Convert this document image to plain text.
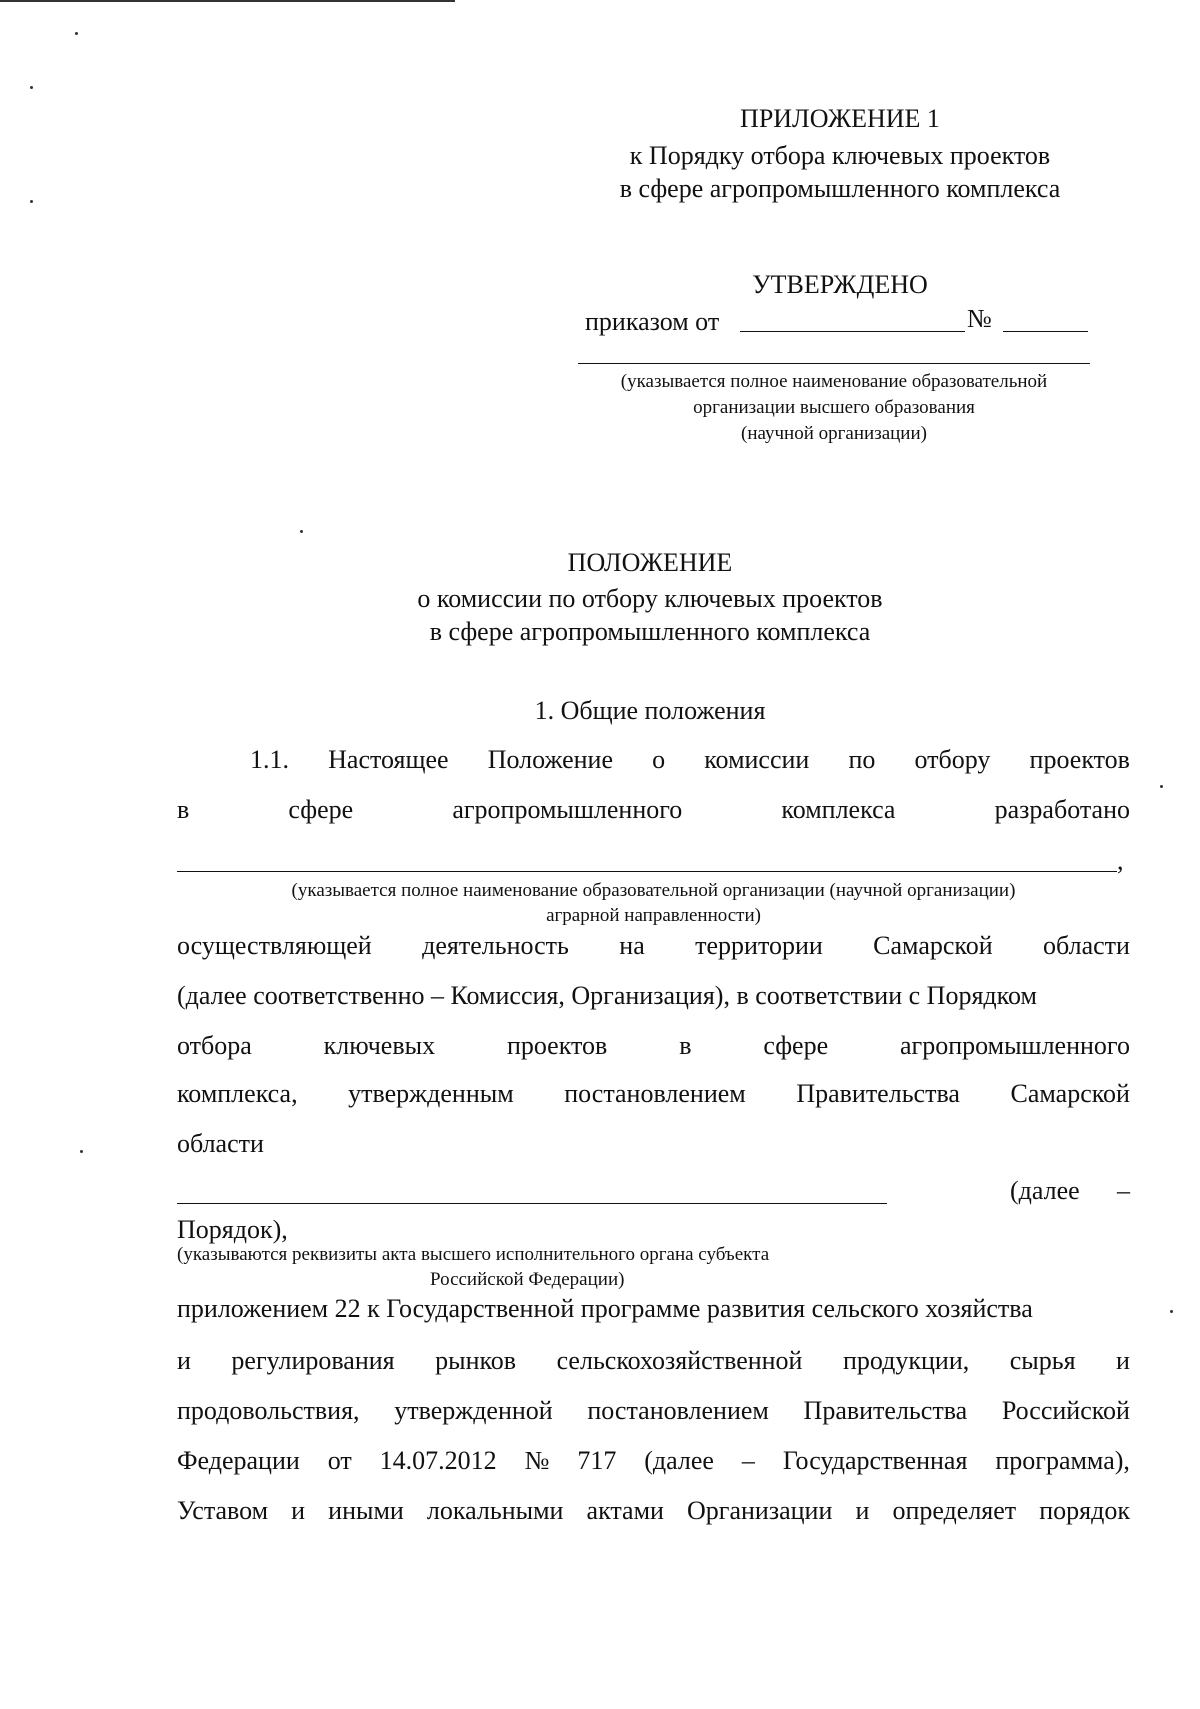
ПРИЛОЖЕНИЕ 1
к Порядку отбора ключевых проектов
в сфере агропромышленного комплекса
УТВЕРЖДЕНО
приказом от	№
(указывается полное наименование образовательной
организации высшего образования
(научной организации)
ПОЛОЖЕНИЕ
о комиссии по отбору ключевых проектов
в сфере агропромышленного комплекса
1. Общие положения
1.1. Настоящее Положение о комиссии по отбору проектов
в	сфере	агропромышленного	комплекса	разработано
,
(указывается полное наименование образовательной организации (научной организации)
аграрной направленности)
осуществляющей деятельность на территории Самарской области
(далее соответственно – Комиссия, Организация), в соответствии с Порядком
отбора	ключевых	проектов	в	сфере	агропромышленного
комплекса, утвержденным постановлением Правительства Самарской
области
(далее –
Порядок),
(указываются реквизиты акта высшего исполнительного органа субъекта
Российской Федерации)
приложением 22 к Государственной программе развития сельского хозяйства
и регулирования рынков сельскохозяйственной продукции, сырья и
продовольствия, утвержденной постановлением Правительства Российской
Федерации от 14.07.2012 № 717 (далее – Государственная программа),
Уставом и иными локальными актами Организации и определяет порядок
